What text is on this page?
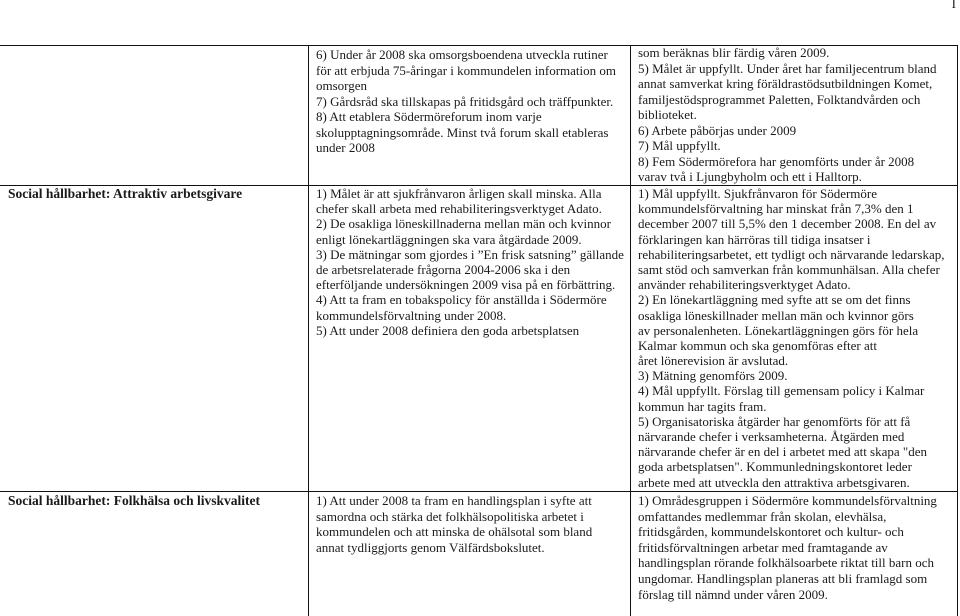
I
6) Under år 2008 ska omsorgsboendena utveckla rutiner
för att erbjuda 75-åringar i kommundelen information om
omsorgen
7) Gårdsråd ska tillskapas på fritidsgård och träffpunkter.
8) Att etablera Södermöreforum inom varje
skolupptagningsområde. Minst två forum skall etableras
under 2008
som beräknas blir färdig våren 2009.
5) Målet är uppfyllt. Under året har familjecentrum bland
annat samverkat kring föräldrastödsutbildningen Komet,
familjestödsprogrammet Paletten, Folktandvården och
biblioteket.
6) Arbete påbörjas under 2009
7) Mål uppfyllt.
8) Fem Södermörefora har genomförts under år 2008
varav två i Ljungbyholm och ett i Halltorp.
Social hållbarhet: Attraktiv arbetsgivare	1) Målet är att sjukfrånvaron årligen skall minska. Alla
chefer skall arbeta med rehabiliteringsverktyget Adato.
2) De osakliga löneskillnaderna mellan män och kvinnor
enligt lönekartläggningen ska vara åtgärdade 2009.
3) De mätningar som gjordes i ”En frisk satsning” gällande
de arbetsrelaterade frågorna 2004-2006 ska i den
efterföljande undersökningen 2009 visa på en förbättring.
4) Att ta fram en tobakspolicy för anställda i Södermöre
kommundelsförvaltning under 2008.
5) Att under 2008 definiera den goda arbetsplatsen
1) Mål uppfyllt. Sjukfrånvaron för Södermöre
kommundelsförvaltning har minskat från 7,3% den 1
december 2007 till 5,5% den 1 december 2008. En del av
förklaringen kan härröras till tidiga insatser i
rehabiliteringsarbetet, ett tydligt och närvarande ledarskap,
samt stöd och samverkan från kommunhälsan. Alla chefer
använder rehabiliteringsverktyget Adato.
2) En lönekartläggning med syfte att se om det finns
osakliga löneskillnader mellan män och kvinnor görs
av personalenheten. Lönekartläggningen görs för hela
Kalmar kommun och ska genomföras efter att
året lönerevision är avslutad.
3) Mätning genomförs 2009.
4) Mål uppfyllt. Förslag till gemensam policy i Kalmar
kommun har tagits fram.
5) Organisatoriska åtgärder har genomförts för att få
närvarande chefer i verksamheterna. Åtgärden med
närvarande chefer är en del i arbetet med att skapa "den
goda arbetsplatsen". Kommunledningskontoret leder
arbete med att utveckla den attraktiva arbetsgivaren.
Social hållbarhet: Folkhälsa och livskvalitet	1) Att under 2008 ta fram en handlingsplan i syfte att
samordna och stärka det folkhälsopolitiska arbetet i
kommundelen och att minska de ohälsotal som bland
annat tydliggjorts genom Välfärdsbokslutet.
1) Områdesgruppen i Södermöre kommundelsförvaltning
omfattandes medlemmar från skolan, elevhälsa,
fritidsgården, kommundelskontoret och kultur- och
fritidsförvaltningen arbetar med framtagande av
handlingsplan rörande folkhälsoarbete riktat till barn och
ungdomar. Handlingsplan planeras att bli framlagd som
förslag till nämnd under våren 2009.
